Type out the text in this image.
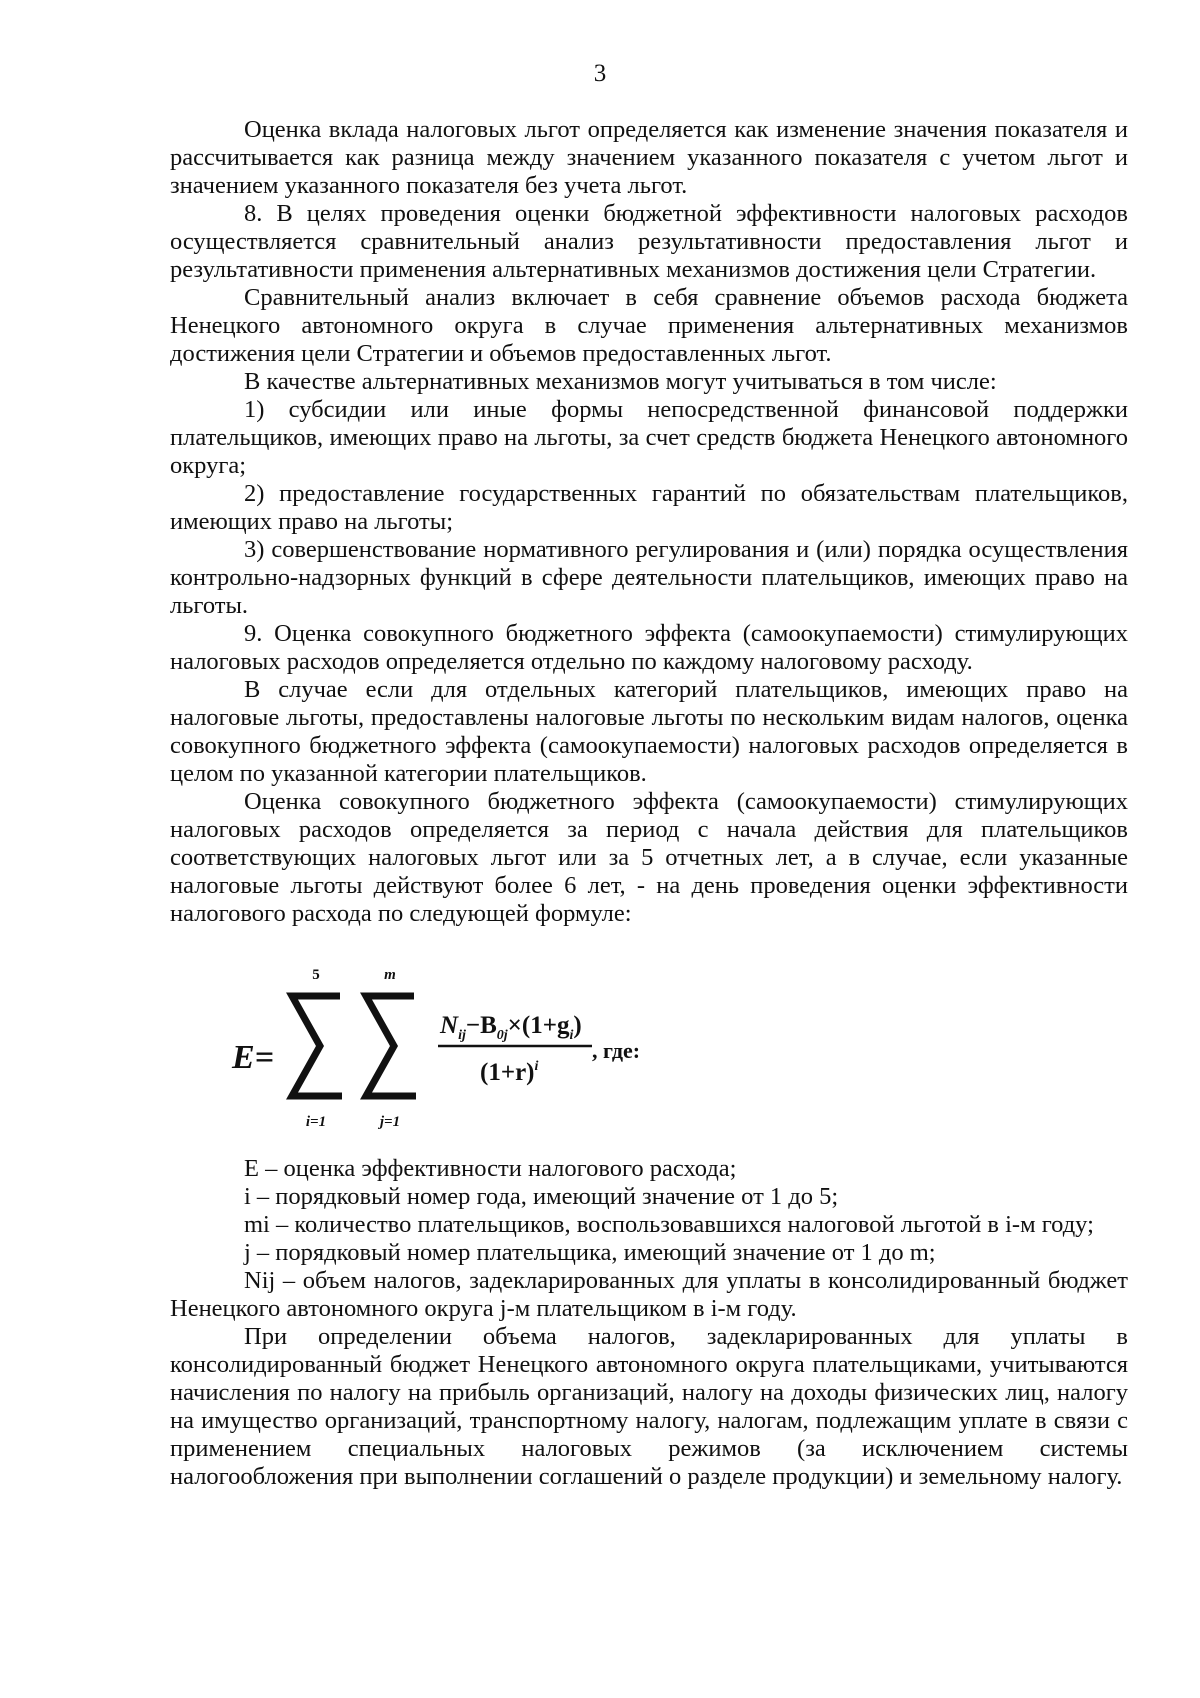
3

Оценка вклада налоговых льгот определяется как изменение значения показателя и рассчитывается как разница между значением указанного показателя с учетом льгот и значением указанного показателя без учета льгот.

8. В целях проведения оценки бюджетной эффективности налоговых расходов осуществляется сравнительный анализ результативности предоставления льгот и результативности применения альтернативных механизмов достижения цели Стратегии.

Сравнительный анализ включает в себя сравнение объемов расхода бюджета Ненецкого автономного округа в случае применения альтернативных механизмов достижения цели Стратегии и объемов предоставленных льгот.

В качестве альтернативных механизмов могут учитываться в том числе:

1) субсидии или иные формы непосредственной финансовой поддержки плательщиков, имеющих право на льготы, за счет средств бюджета Ненецкого автономного округа;

2) предоставление государственных гарантий по обязательствам плательщиков, имеющих право на льготы;

3) совершенствование нормативного регулирования и (или) порядка осуществления контрольно-надзорных функций в сфере деятельности плательщиков, имеющих право на льготы.

9. Оценка совокупного бюджетного эффекта (самоокупаемости) стимулирующих налоговых расходов определяется отдельно по каждому налоговому расходу.

В случае если для отдельных категорий плательщиков, имеющих право на налоговые льготы, предоставлены налоговые льготы по нескольким видам налогов, оценка совокупного бюджетного эффекта (самоокупаемости) налоговых расходов определяется в целом по указанной категории плательщиков.

Оценка совокупного бюджетного эффекта (самоокупаемости) стимулирующих налоговых расходов определяется за период с начала действия для плательщиков соответствующих налоговых льгот или за 5 отчетных лет, а в случае, если указанные налоговые льготы действуют более 6 лет, - на день проведения оценки эффективности налогового расхода по следующей формуле:

E=
5
i=1
m
j=1
$N_{ij}-B_{0j}\times(1+g_i)$
$(1+r)^i$
, где:

E – оценка эффективности налогового расхода;

i – порядковый номер года, имеющий значение от 1 до 5;

mi – количество плательщиков, воспользовавшихся налоговой льготой в i-м году;

j – порядковый номер плательщика, имеющий значение от 1 до m;

Nij – объем налогов, задекларированных для уплаты в консолидированный бюджет Ненецкого автономного округа j-м плательщиком в i-м году.

При определении объема налогов, задекларированных для уплаты в консолидированный бюджет Ненецкого автономного округа плательщиками, учитываются начисления по налогу на прибыль организаций, налогу на доходы физических лиц, налогу на имущество организаций, транспортному налогу, налогам, подлежащим уплате в связи с применением специальных налоговых режимов (за исключением системы налогообложения при выполнении соглашений о разделе продукции) и земельному налогу.
